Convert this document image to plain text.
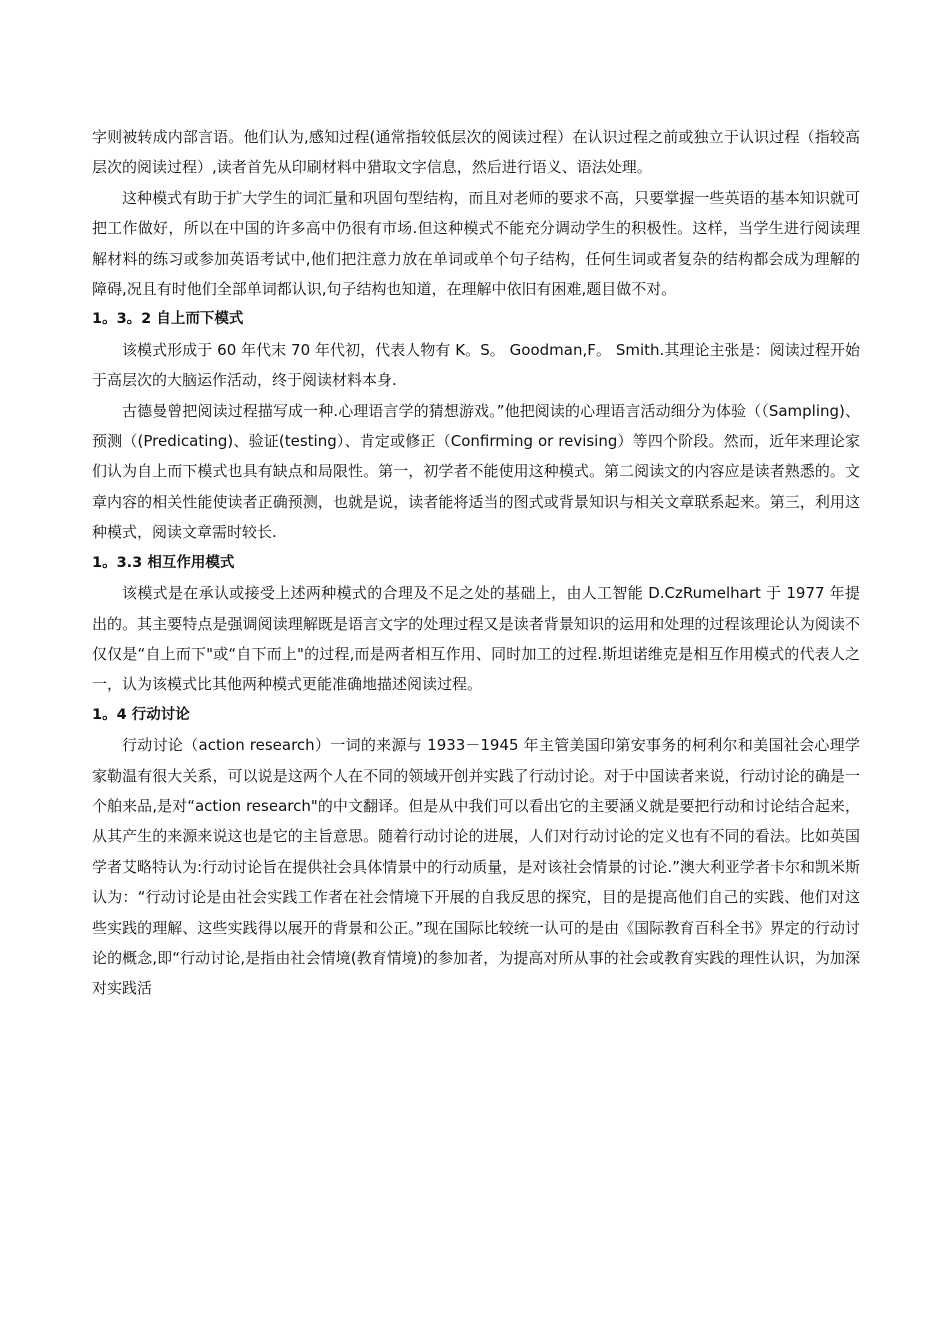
字则被转成内部言语。他们认为,感知过程(通常指较低层次的阅读过程）在认识过程之前或独立于认识过程（指较高层次的阅读过程）,读者首先从印刷材料中猎取文字信息，然后进行语义、语法处理。

这种模式有助于扩大学生的词汇量和巩固句型结构，而且对老师的要求不高，只要掌握一些英语的基本知识就可把工作做好，所以在中国的许多高中仍很有市场.但这种模式不能充分调动学生的积极性。这样，当学生进行阅读理解材料的练习或参加英语考试中,他们把注意力放在单词或单个句子结构，任何生词或者复杂的结构都会成为理解的障碍,况且有时他们全部单词都认识,句子结构也知道，在理解中依旧有困难,题目做不对。

1。3。2 自上而下模式

该模式形成于 60 年代末 70 年代初，代表人物有 K。S。 Goodman,F。 Smith.其理论主张是：阅读过程开始于高层次的大脑运作活动，终于阅读材料本身.

古德曼曾把阅读过程描写成一种.心理语言学的猜想游戏。”他把阅读的心理语言活动细分为体验（（Sampling)、预测（(Predicating)、验证(testing）、肯定或修正（Confirming or revising）等四个阶段。然而，近年来理论家们认为自上而下模式也具有缺点和局限性。第一，初学者不能使用这种模式。第二阅读文的内容应是读者熟悉的。文章内容的相关性能使读者正确预测，也就是说，读者能将适当的图式或背景知识与相关文章联系起来。第三，利用这种模式，阅读文章需时较长.

1。3.3 相互作用模式

该模式是在承认或接受上述两种模式的合理及不足之处的基础上，由人工智能 D.CzRumelhart 于 1977 年提出的。其主要特点是强调阅读理解既是语言文字的处理过程又是读者背景知识的运用和处理的过程该理论认为阅读不仅仅是“自上而下"或“自下而上"的过程,而是两者相互作用、同时加工的过程.斯坦诺维克是相互作用模式的代表人之一，认为该模式比其他两种模式更能准确地描述阅读过程。

1。4 行动讨论

行动讨论（action research）一词的来源与 1933－1945 年主管美国印第安事务的柯利尔和美国社会心理学家勒温有很大关系，可以说是这两个人在不同的领域开创并实践了行动讨论。对于中国读者来说，行动讨论的确是一个舶来品,是对“action research"的中文翻译。但是从中我们可以看出它的主要涵义就是要把行动和讨论结合起来，从其产生的来源来说这也是它的主旨意思。随着行动讨论的进展，人们对行动讨论的定义也有不同的看法。比如英国学者艾略特认为:行动讨论旨在提供社会具体情景中的行动质量，是对该社会情景的讨论.”澳大利亚学者卡尔和凯米斯认为：“行动讨论是由社会实践工作者在社会情境下开展的自我反思的探究，目的是提高他们自己的实践、他们对这些实践的理解、这些实践得以展开的背景和公正。”现在国际比较统一认可的是由《国际教育百科全书》界定的行动讨论的概念,即“行动讨论,是指由社会情境(教育情境)的参加者，为提高对所从事的社会或教育实践的理性认识，为加深对实践活
